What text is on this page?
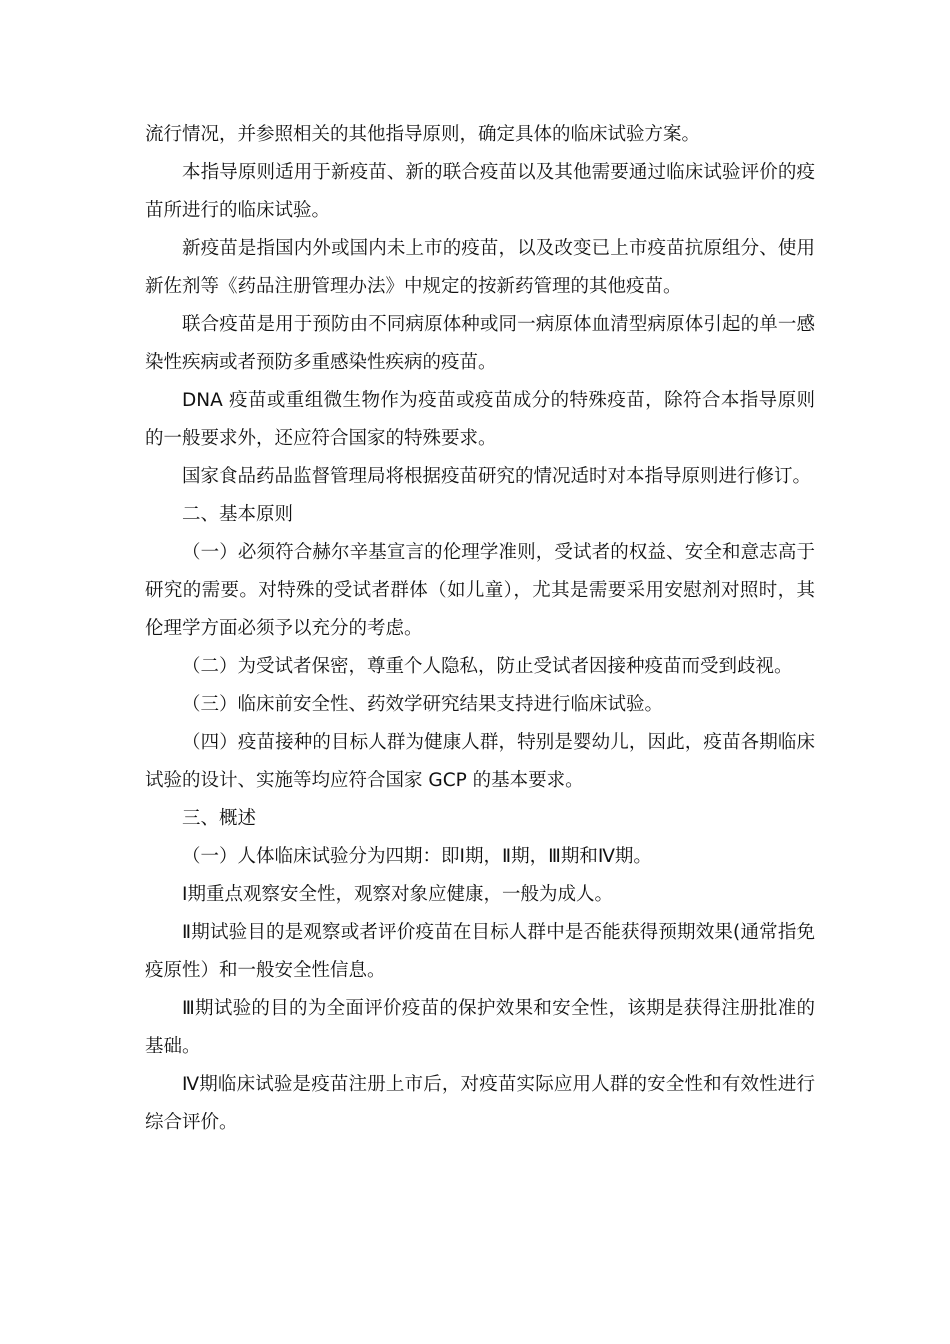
流行情况，并参照相关的其他指导原则，确定具体的临床试验方案。

本指导原则适用于新疫苗、新的联合疫苗以及其他需要通过临床试验评价的疫苗所进行的临床试验。

新疫苗是指国内外或国内未上市的疫苗，以及改变已上市疫苗抗原组分、使用新佐剂等《药品注册管理办法》中规定的按新药管理的其他疫苗。

联合疫苗是用于预防由不同病原体种或同一病原体血清型病原体引起的单一感染性疾病或者预防多重感染性疾病的疫苗。

DNA 疫苗或重组微生物作为疫苗或疫苗成分的特殊疫苗，除符合本指导原则的一般要求外，还应符合国家的特殊要求。

国家食品药品监督管理局将根据疫苗研究的情况适时对本指导原则进行修订。

二、基本原则

（一）必须符合赫尔辛基宣言的伦理学准则，受试者的权益、安全和意志高于研究的需要。对特殊的受试者群体（如儿童），尤其是需要采用安慰剂对照时，其伦理学方面必须予以充分的考虑。

（二）为受试者保密，尊重个人隐私，防止受试者因接种疫苗而受到歧视。

（三）临床前安全性、药效学研究结果支持进行临床试验。

（四）疫苗接种的目标人群为健康人群，特别是婴幼儿，因此，疫苗各期临床试验的设计、实施等均应符合国家 GCP 的基本要求。

三、概述

（一）人体临床试验分为四期：即Ⅰ期，Ⅱ期，Ⅲ期和Ⅳ期。

Ⅰ期重点观察安全性，观察对象应健康，一般为成人。

Ⅱ期试验目的是观察或者评价疫苗在目标人群中是否能获得预期效果(通常指免疫原性）和一般安全性信息。

Ⅲ期试验的目的为全面评价疫苗的保护效果和安全性，该期是获得注册批准的基础。

Ⅳ期临床试验是疫苗注册上市后，对疫苗实际应用人群的安全性和有效性进行综合评价。
